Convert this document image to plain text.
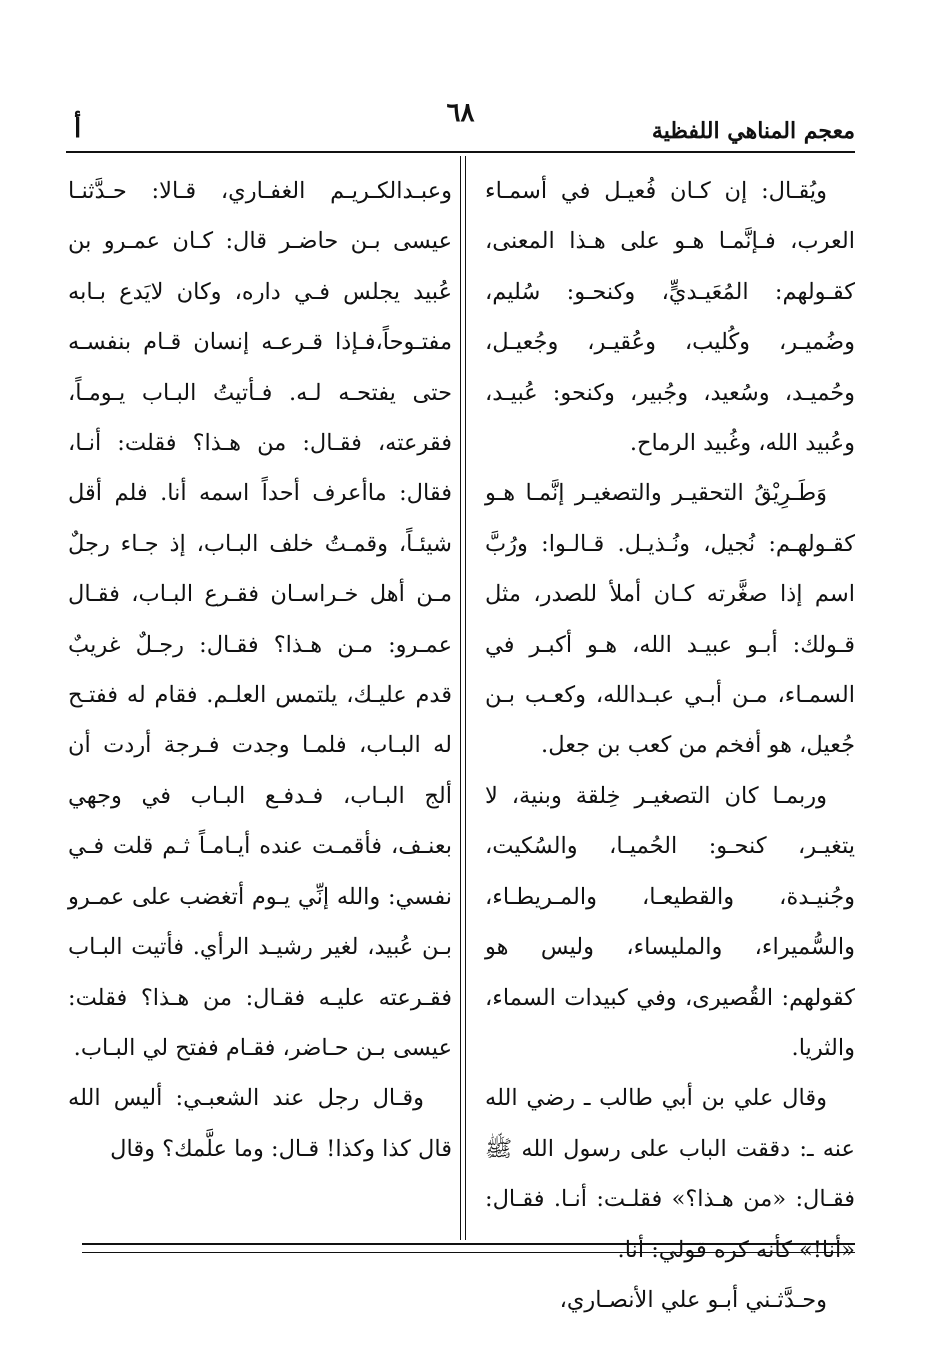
معجم المناهي اللفظية
٦٨
أ

ويُقـال: إن كـان فُعيـل في أسمـاء العرب، فـإنَّمـا هـو على هـذا المعنى، كقـولهم: المُعَيـديٍّ، وكنحـو: سُليم، وضُميـر، وكُليب، وعُقيـر، وجُعيـل، وحُميـد، وسُعيد، وجُبير، وكنحو: عُبيـد، وعُبيد الله، وغُبيد الرماح.

وَطَـرِيْقُ التحقيـر والتصغيـر إنَّمـا هـو كقـولهـم: نُجيل، ونُـذيـل. قـالـوا: ورُبَّ اسم إذا صغَّرته كـان أملأ للصدر، مثل قـولك: أبـو عبيـد الله، هـو أكبـر في السمـاء، مـن أبـي عبـدالله، وكعـب بـن جُعيل، هو أفخم من كعب بن جعل.

وربمـا كان التصغيـر خِلقة وبنية، لا يتغيـر، كنحـو: الحُميـا، والسُكيت، وجُنيـدة، والقطيعـا، والمـريطـاء، والسُّميراء، والمليساء، وليس هو كقولهم: القُصيرى، وفي كبيدات السماء، والثريا.

وقال علي بن أبي طالب ـ رضي الله عنه ـ: دققت الباب على رسول الله ﷺ فقـال: «من هـذا؟» فقلـت: أنـا. فقـال: «أنا!» كأنه كره قولي: أنا.

وحـدَّثـني أبـو علي الأنصـاري،

وعبـدالكـريـم الغفـاري، قـالا: حـدَّثنـا عيسى بـن حاضـر قال: كـان عمـرو بن عُبيد يجلس فـي داره، وكان لايَدع بـابه مفتـوحاً،فـإذا قـرعـه إنسان قـام بنفسـه حتى يفتحـه لـه. فـأتيتُ البـاب يـومـاً، فقرعته، فقـال: من هـذا؟ فقلت: أنـا، فقال: ماأعرف أحداً اسمه أنا. فلم أقل شيئـاً، وقمـتُ خلف البـاب، إذ جـاء رجلٌ مـن أهل خـراسـان فقـرع البـاب، فقـال عمـرو: مـن هـذا؟ فقـال: رجـلٌ غريبٌ قدم عليـك، يلتمس العلـم. فقام له ففتـح له البـاب، فلمـا وجدت فـرجة أردت أن ألج البـاب، فـدفـع البـاب في وجهي بعنـف، فأقمـت عنده أيـامـاً ثـم قلت فـي نفسي: والله إنِّي يـوم أتغضب على عمـرو بـن عُبيد، لغير رشيـد الرأي. فأتيت البـاب فقـرعته عليـه فقـال: من هـذا؟ فقلت: عيسى بـن حـاضر، فقـام ففتح لي البـاب.

وقـال رجل عند الشعبـي: أليس الله قال كذا وكذا! قـال: وما علَّمك؟ وقال
